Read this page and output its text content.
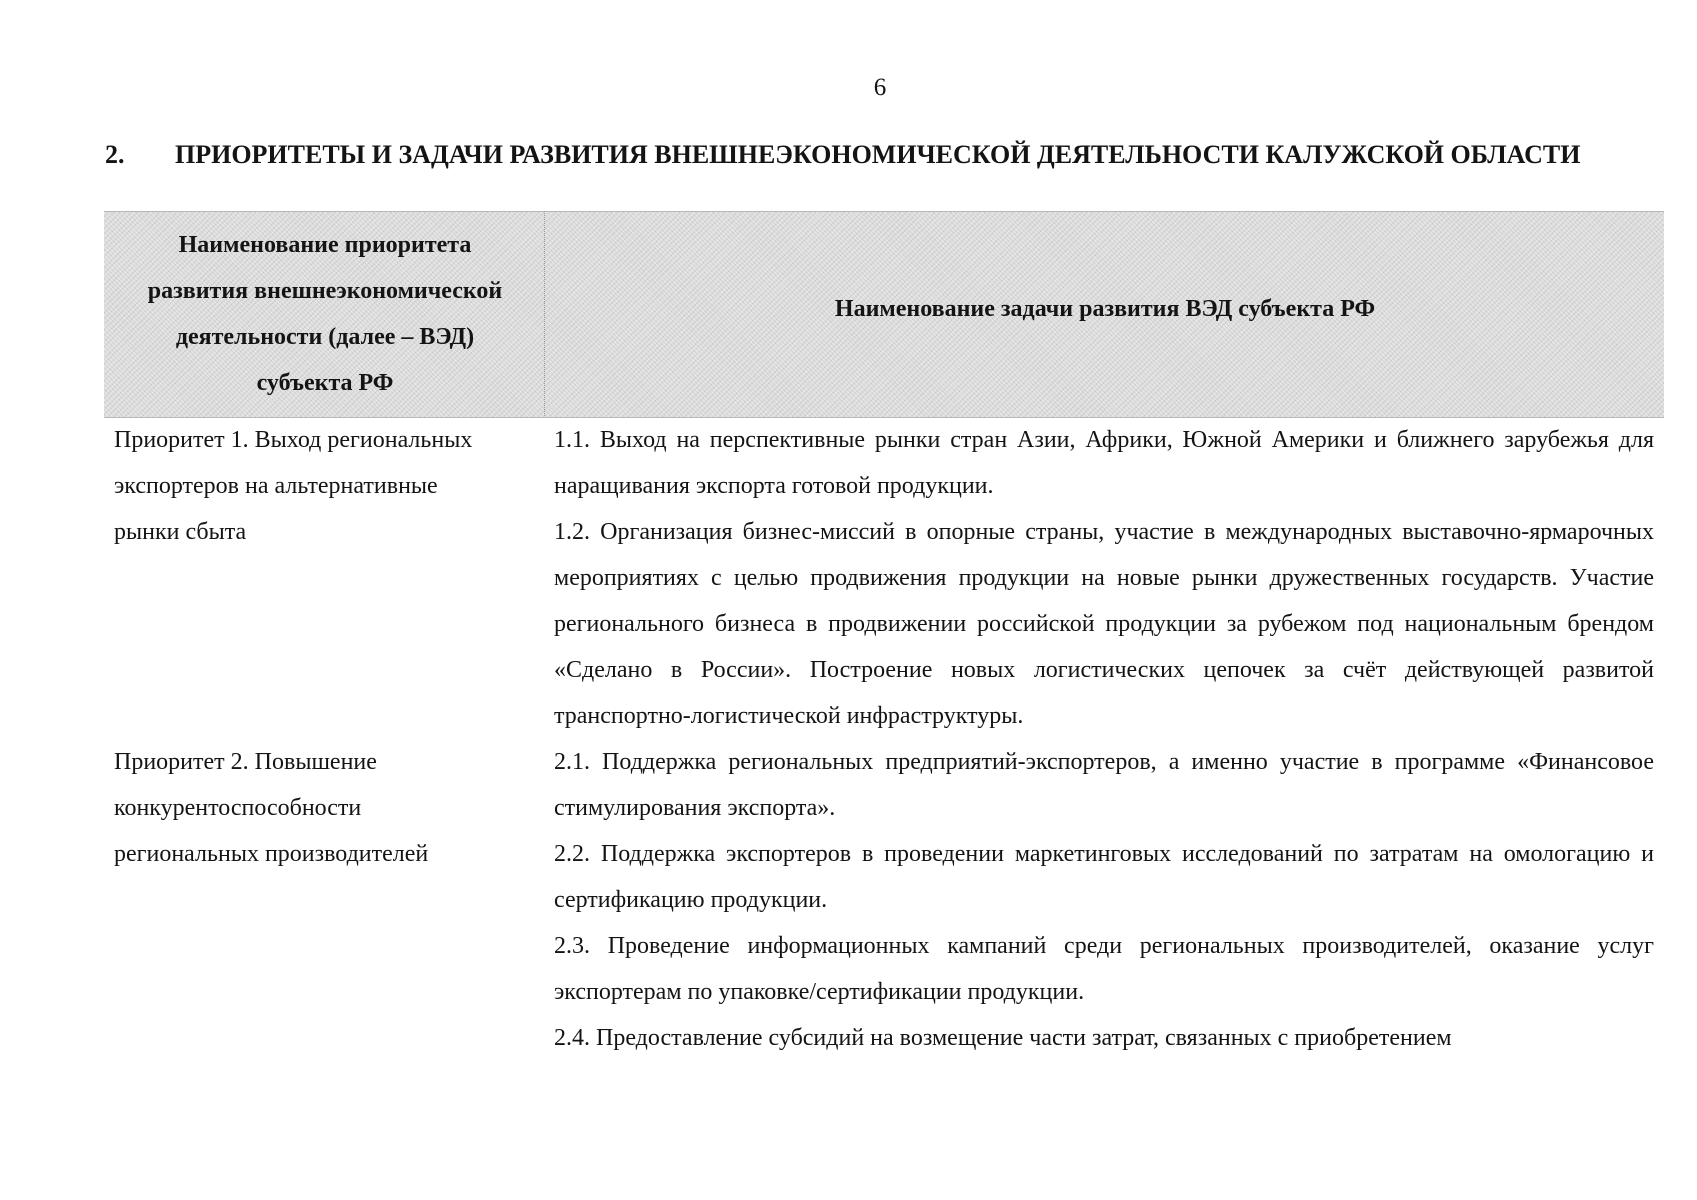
6
2. ПРИОРИТЕТЫ И ЗАДАЧИ РАЗВИТИЯ ВНЕШНЕЭКОНОМИЧЕСКОЙ ДЕЯТЕЛЬНОСТИ КАЛУЖСКОЙ ОБЛАСТИ
Наименование приоритета
развития внешнеэкономической
деятельности (далее – ВЭД)
субъекта РФ
Наименование задачи развития ВЭД субъекта РФ
Приоритет 1. Выход региональных
экспортеров на альтернативные
рынки сбыта

1.1. Выход на перспективные рынки стран Азии, Африки, Южной Америки и ближнего зарубежья для наращивания экспорта готовой продукции.

1.2. Организация бизнес-миссий в опорные страны, участие в международных выставочно-ярмарочных мероприятиях с целью продвижения продукции на новые рынки дружественных государств. Участие регионального бизнеса в продвижении российской продукции за рубежом под национальным брендом «Сделано в России». Построение новых логистических цепочек за счёт действующей развитой транспортно-логистической инфраструктуры.

Приоритет 2. Повышение
конкурентоспособности
региональных производителей

2.1. Поддержка региональных предприятий-экспортеров, а именно участие в программе «Финансовое стимулирования экспорта».

2.2. Поддержка экспортеров в проведении маркетинговых исследований по затратам на омологацию и сертификацию продукции.

2.3. Проведение информационных кампаний среди региональных производителей, оказание услуг экспортерам по упаковке/сертификации продукции.

2.4. Предоставление субсидий на возмещение части затрат, связанных с приобретением
